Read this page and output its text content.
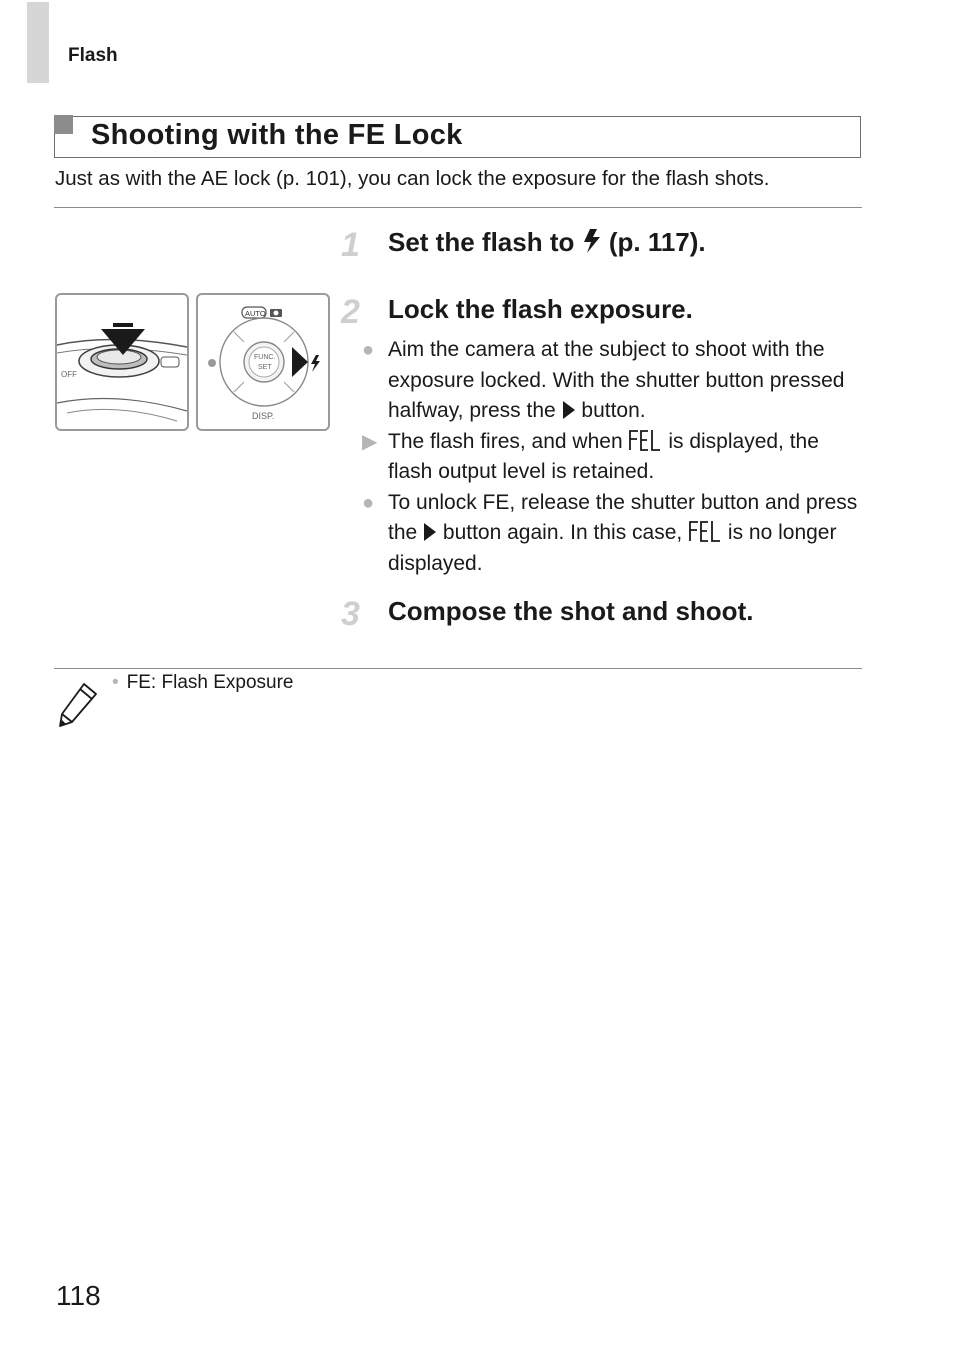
Flash
Shooting with the FE Lock
Just as with the AE lock (p. 101), you can lock the exposure for the flash shots.
1 Set the flash to (p. 117).
2 Lock the flash exposure.
● Aim the camera at the subject to shoot with the exposure locked. With the shutter button pressed halfway, press the button.
▶ The flash fires, and when is displayed, the flash output level is retained.
● To unlock FE, release the shutter button and press the button again. In this case, is no longer displayed.
3 Compose the shot and shoot.
OFF
AUTO
FUNC.
SET
DISP.
• FE: Flash Exposure
118
